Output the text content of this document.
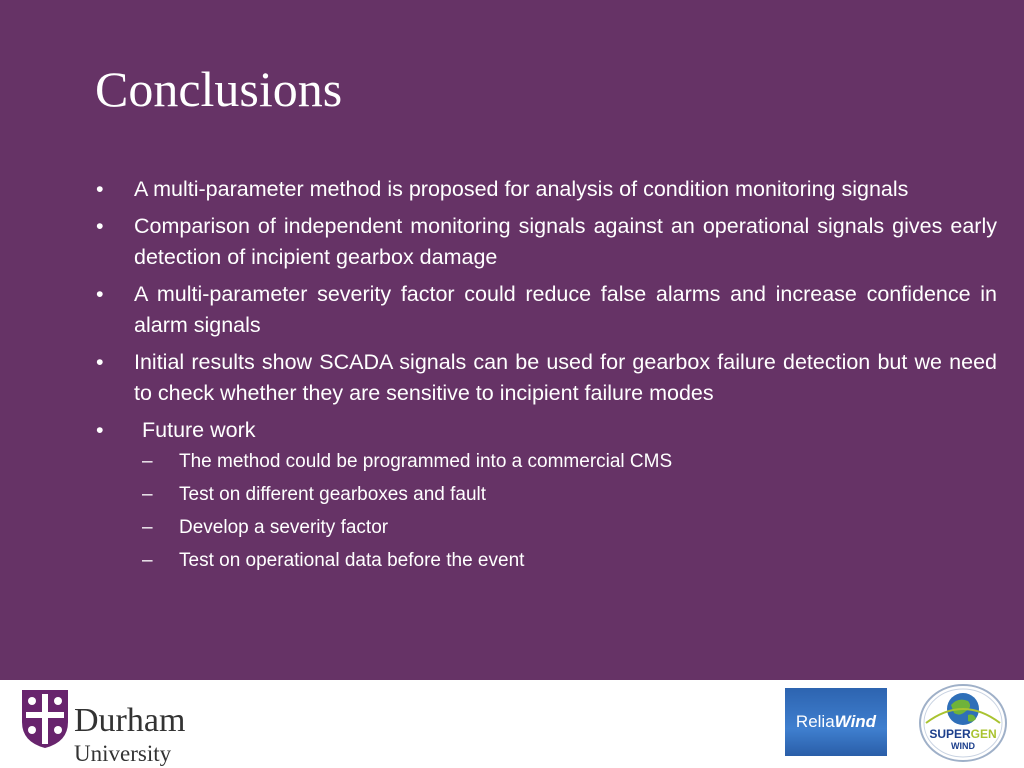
Conclusions
•	A multi-parameter method is proposed for analysis of condition monitoring signals
•	Comparison of independent monitoring signals against an operational signals gives early detection of incipient gearbox damage
•	A multi-parameter severity factor could reduce false alarms and increase confidence in alarm signals
•	Initial results show SCADA signals can be used for gearbox failure detection but we need to check whether they are sensitive to incipient failure modes
•	Future work
– The method could be programmed into a commercial CMS
– Test on different gearboxes and fault
– Develop a severity factor
– Test on operational data before the event
Durham
University
ReliaWind
SUPERGEN
WIND
